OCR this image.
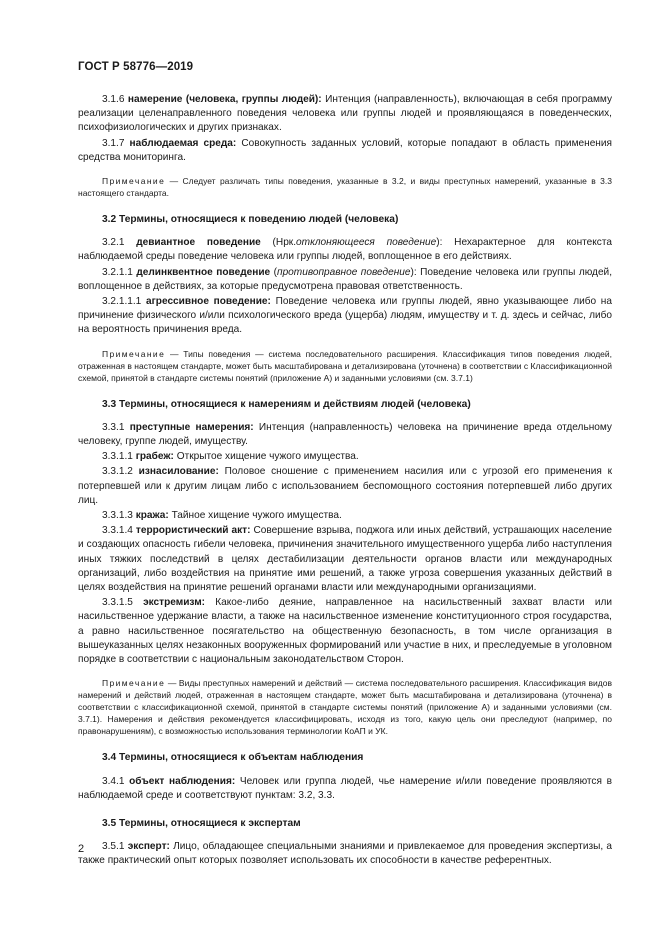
ГОСТ Р 58776—2019

3.1.6 намерение (человека, группы людей): Интенция (направленность), включающая в себя программу реализации целенаправленного поведения человека или группы людей и проявляющаяся в поведенческих, психофизиологических и других признаках.

3.1.7 наблюдаемая среда: Совокупность заданных условий, которые попадают в область применения средства мониторинга.

Примечание — Следует различать типы поведения, указанные в 3.2, и виды преступных намерений, указанные в 3.3 настоящего стандарта.

3.2 Термины, относящиеся к поведению людей (человека)

3.2.1 девиантное поведение (Нрк.отклоняющееся поведение): Нехарактерное для контекста наблюдаемой среды поведение человека или группы людей, воплощенное в его действиях.

3.2.1.1 делинквентное поведение (противоправное поведение): Поведение человека или группы людей, воплощенное в действиях, за которые предусмотрена правовая ответственность.

3.2.1.1.1 агрессивное поведение: Поведение человека или группы людей, явно указывающее либо на причинение физического и/или психологического вреда (ущерба) людям, имуществу и т. д. здесь и сейчас, либо на вероятность причинения вреда.

Примечание — Типы поведения — система последовательного расширения. Классификация типов поведения людей, отраженная в настоящем стандарте, может быть масштабирована и детализирована (уточнена) в соответствии с Классификационной схемой, принятой в стандарте системы понятий (приложение А) и заданными условиями (см. 3.7.1)

3.3 Термины, относящиеся к намерениям и действиям людей (человека)

3.3.1 преступные намерения: Интенция (направленность) человека на причинение вреда отдельному человеку, группе людей, имуществу.

3.3.1.1 грабеж: Открытое хищение чужого имущества.

3.3.1.2 изнасилование: Половое сношение с применением насилия или с угрозой его применения к потерпевшей или к другим лицам либо с использованием беспомощного состояния потерпевшей либо других лиц.

3.3.1.3 кража: Тайное хищение чужого имущества.

3.3.1.4 террористический акт: Совершение взрыва, поджога или иных действий, устрашающих население и создающих опасность гибели человека, причинения значительного имущественного ущерба либо наступления иных тяжких последствий в целях дестабилизации деятельности органов власти или международных организаций, либо воздействия на принятие ими решений, а также угроза совершения указанных действий в целях воздействия на принятие решений органами власти или международными организациями.

3.3.1.5 экстремизм: Какое-либо деяние, направленное на насильственный захват власти или насильственное удержание власти, а также на насильственное изменение конституционного строя государства, а равно насильственное посягательство на общественную безопасность, в том числе организация в вышеуказанных целях незаконных вооруженных формирований или участие в них, и преследуемые в уголовном порядке в соответствии с национальным законодательством Сторон.

Примечание — Виды преступных намерений и действий — система последовательного расширения. Классификация видов намерений и действий людей, отраженная в настоящем стандарте, может быть масштабирована и детализирована (уточнена) в соответствии с классификационной схемой, принятой в стандарте системы понятий (приложение А) и заданными условиями (см. 3.7.1). Намерения и действия рекомендуется классифицировать, исходя из того, какую цель они преследуют (например, по правонарушениям), с возможностью использования терминологии КоАП и УК.

3.4 Термины, относящиеся к объектам наблюдения

3.4.1 объект наблюдения: Человек или группа людей, чье намерение и/или поведение проявляются в наблюдаемой среде и соответствуют пунктам: 3.2, 3.3.

3.5 Термины, относящиеся к экспертам

3.5.1 эксперт: Лицо, обладающее специальными знаниями и привлекаемое для проведения экспертизы, а также практический опыт которых позволяет использовать их способности в качестве референтных.

2
